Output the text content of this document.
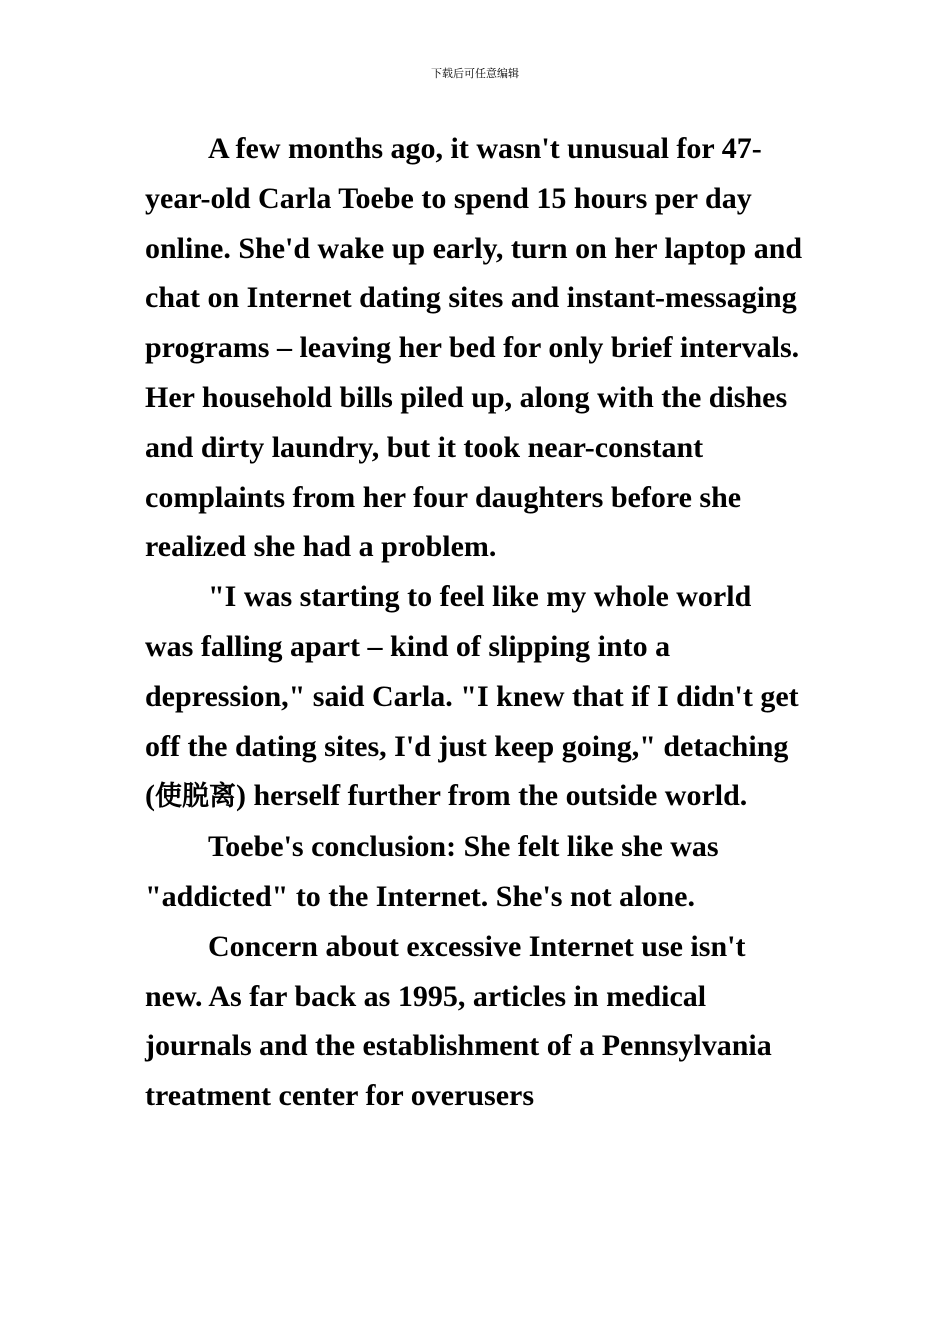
下载后可任意编辑

A few months ago, it wasn't unusual for 47-year-old Carla Toebe to spend 15 hours per day online. She'd wake up early, turn on her laptop and chat on Internet dating sites and instant-messaging programs – leaving her bed for only brief intervals. Her household bills piled up, along with the dishes and dirty laundry, but it took near-constant complaints from her four daughters before she realized she had a problem.

"I was starting to feel like my whole world was falling apart – kind of slipping into a depression," said Carla. "I knew that if I didn't get off the dating sites, I'd just keep going," detaching (使脱离) herself further from the outside world.

Toebe's conclusion: She felt like she was "addicted" to the Internet. She's not alone.

Concern about excessive Internet use isn't new. As far back as 1995, articles in medical journals and the establishment of a Pennsylvania treatment center for overusers
